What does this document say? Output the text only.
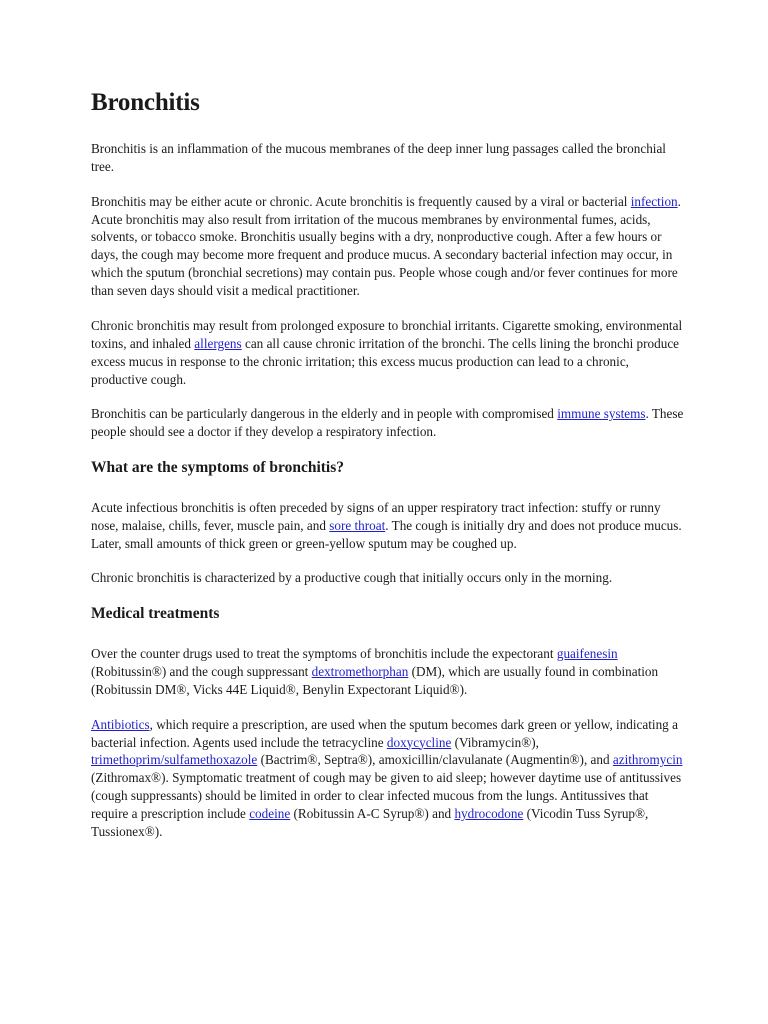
Bronchitis

Bronchitis is an inflammation of the mucous membranes of the deep inner lung passages called the bronchial tree.

Bronchitis may be either acute or chronic. Acute bronchitis is frequently caused by a viral or bacterial infection. Acute bronchitis may also result from irritation of the mucous membranes by environmental fumes, acids, solvents, or tobacco smoke. Bronchitis usually begins with a dry, nonproductive cough. After a few hours or days, the cough may become more frequent and produce mucus. A secondary bacterial infection may occur, in which the sputum (bronchial secretions) may contain pus. People whose cough and/or fever continues for more than seven days should visit a medical practitioner.

Chronic bronchitis may result from prolonged exposure to bronchial irritants. Cigarette smoking, environmental toxins, and inhaled allergens can all cause chronic irritation of the bronchi. The cells lining the bronchi produce excess mucus in response to the chronic irritation; this excess mucus production can lead to a chronic, productive cough.

Bronchitis can be particularly dangerous in the elderly and in people with compromised immune systems. These people should see a doctor if they develop a respiratory infection.

What are the symptoms of bronchitis?

Acute infectious bronchitis is often preceded by signs of an upper respiratory tract infection: stuffy or runny nose, malaise, chills, fever, muscle pain, and sore throat. The cough is initially dry and does not produce mucus. Later, small amounts of thick green or green-yellow sputum may be coughed up.

Chronic bronchitis is characterized by a productive cough that initially occurs only in the morning.

Medical treatments

Over the counter drugs used to treat the symptoms of bronchitis include the expectorant guaifenesin (Robitussin®) and the cough suppressant dextromethorphan (DM), which are usually found in combination (Robitussin DM®, Vicks 44E Liquid®, Benylin Expectorant Liquid®).

Antibiotics, which require a prescription, are used when the sputum becomes dark green or yellow, indicating a bacterial infection. Agents used include the tetracycline doxycycline (Vibramycin®), trimethoprim/sulfamethoxazole (Bactrim®, Septra®), amoxicillin/clavulanate (Augmentin®), and azithromycin (Zithromax®). Symptomatic treatment of cough may be given to aid sleep; however daytime use of antitussives (cough suppressants) should be limited in order to clear infected mucous from the lungs. Antitussives that require a prescription include codeine (Robitussin A-C Syrup®) and hydrocodone (Vicodin Tuss Syrup®, Tussionex®).
